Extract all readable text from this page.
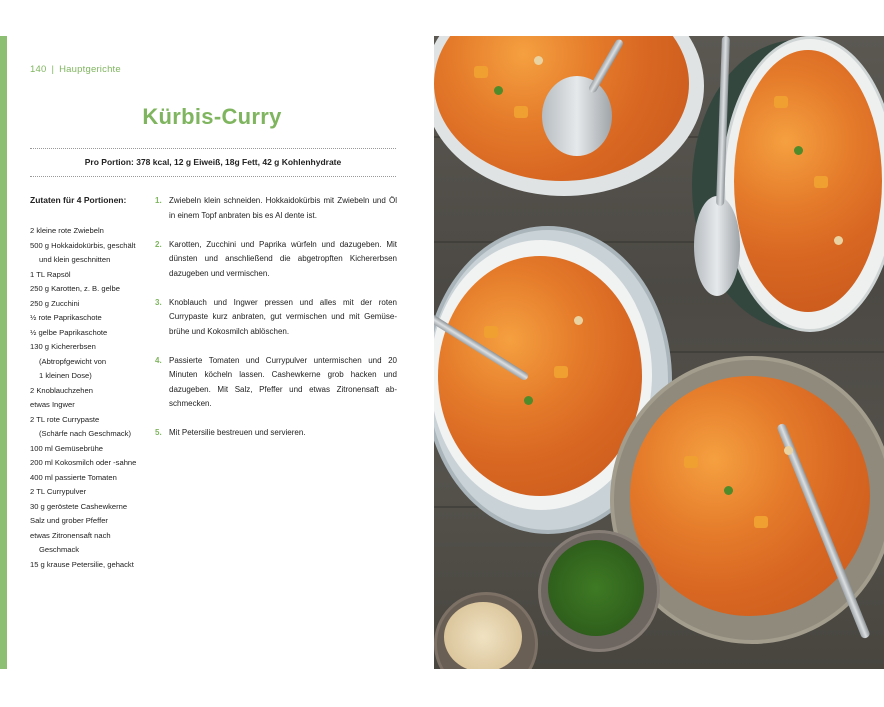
140 | Hauptgerichte
Kürbis-Curry
Pro Portion: 378 kcal, 12 g Eiweiß, 18g Fett, 42 g Kohlenhydrate
Zutaten für 4 Portionen:
2 kleine rote Zwiebeln
500 g Hokkaidokürbis, geschält
und klein geschnitten
1 TL Rapsöl
250 g Karotten, z. B. gelbe
250 g Zucchini
½ rote Paprikaschote
½ gelbe Paprikaschote
130 g Kichererbsen
(Abtropfgewicht von
1 kleinen Dose)
2 Knoblauchzehen
etwas Ingwer
2 TL rote Currypaste
(Schärfe nach Geschmack)
100 ml Gemüsebrühe
200 ml Kokosmilch oder -sahne
400 ml passierte Tomaten
2 TL Currypulver
30 g geröstete Cashewkerne
Salz und grober Pfeffer
etwas Zitronensaft nach
Geschmack
15 g krause Petersilie, gehackt
1. Zwiebeln klein schneiden. Hokkaidokürbis mit Zwiebeln und Öl in einem Topf anbraten bis es Al dente ist.
2. Karotten, Zucchini und Paprika würfeln und dazugeben. Mit dünsten und anschließend die abgetropften Kichererbsen dazugeben und vermischen.
3. Knoblauch und Ingwer pressen und alles mit der roten Currypaste kurz anbraten, gut vermischen und mit Gemüsebrühe und Kokosmilch ablöschen.
4. Passierte Tomaten und Currypulver untermischen und 20 Minuten köcheln lassen. Cashewkerne grob hacken und dazugeben. Mit Salz, Pfeffer und etwas Zitronensaft abschmecken.
5. Mit Petersilie bestreuen und servieren.
